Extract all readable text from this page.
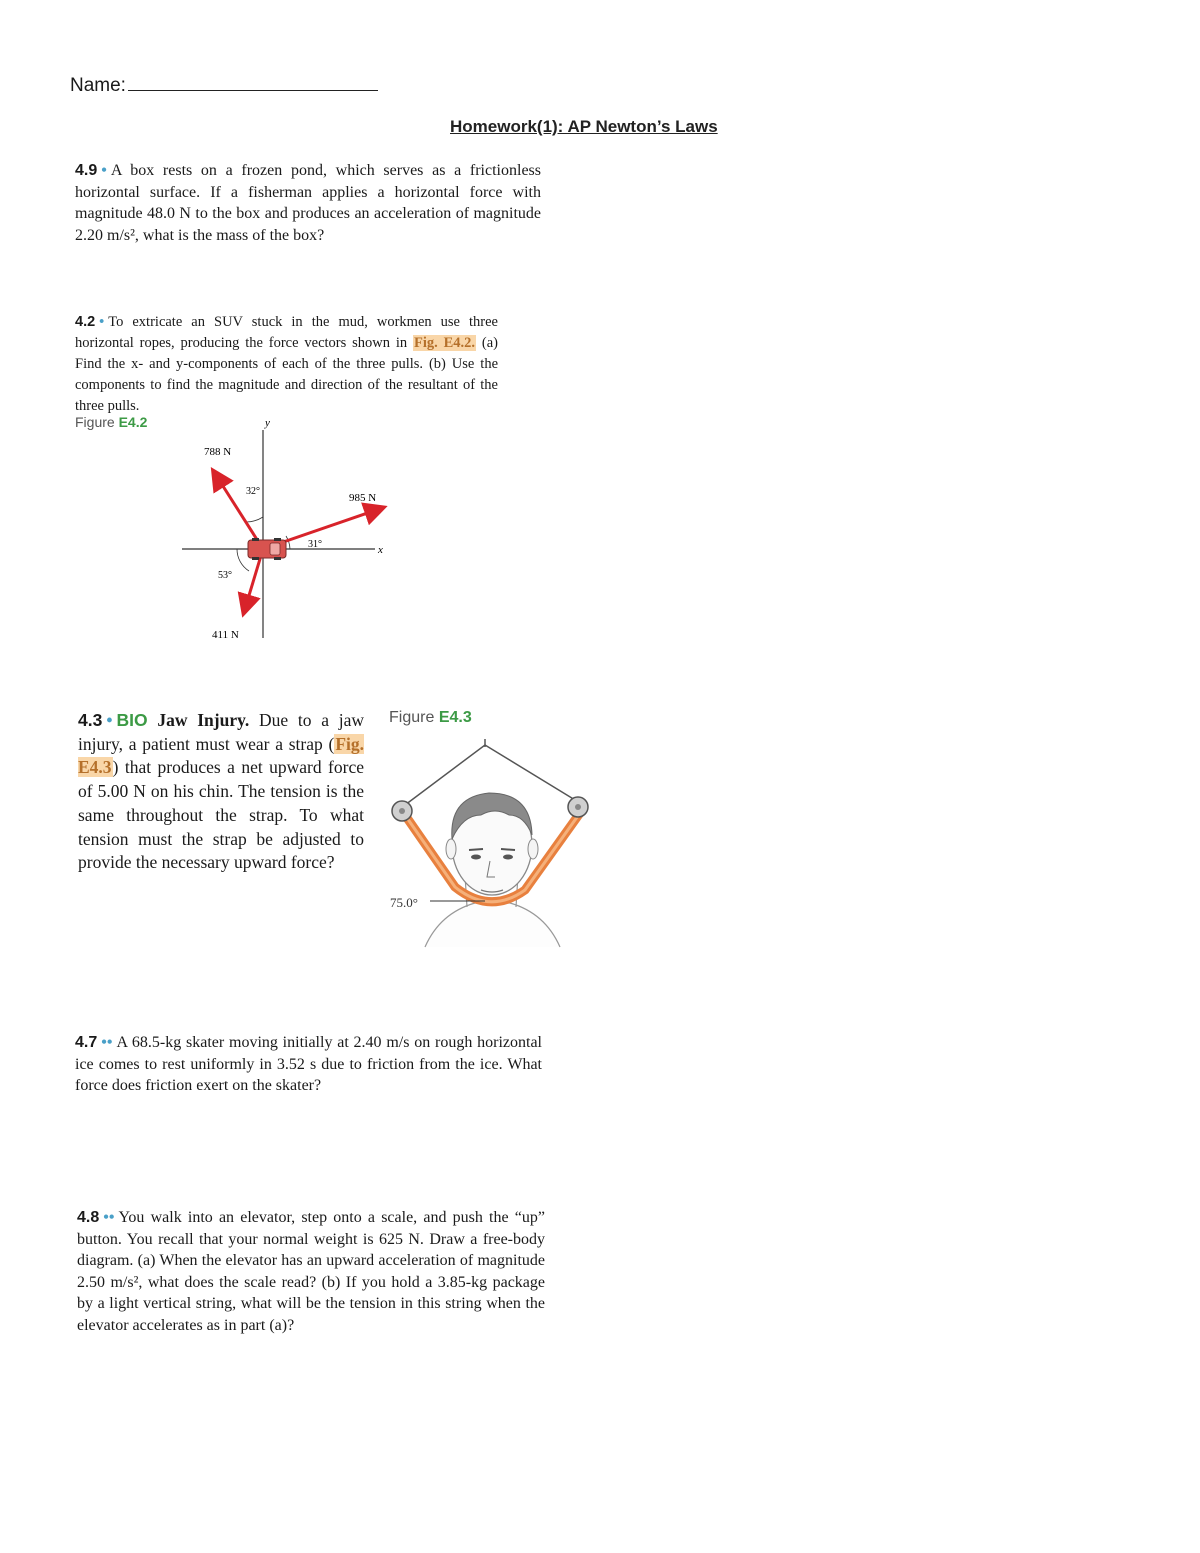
Name:
Homework(1): AP Newton’s Laws
4.9 • A box rests on a frozen pond, which serves as a frictionless horizontal surface. If a fisherman applies a horizontal force with magnitude 48.0 N to the box and produces an acceleration of magnitude 2.20 m/s², what is the mass of the box?
4.2 • To extricate an SUV stuck in the mud, workmen use three horizontal ropes, producing the force vectors shown in Fig. E4.2. (a) Find the x- and y-components of each of the three pulls. (b) Use the components to find the magnitude and direction of the resultant of the three pulls.
Figure E4.2	y
x
788 N
985 N
411 N
32°
31°
53°
4.3 • BIO Jaw Injury. Due to a jaw injury, a patient must wear a strap (Fig. E4.3) that produces a net upward force of 5.00 N on his chin. The tension is the same throughout the strap. To what tension must the strap be adjusted to provide the necessary upward force?
Figure E4.3
75.0°
4.7 •• A 68.5-kg skater moving initially at 2.40 m/s on rough horizontal ice comes to rest uniformly in 3.52 s due to friction from the ice. What force does friction exert on the skater?
4.8 •• You walk into an elevator, step onto a scale, and push the “up” button. You recall that your normal weight is 625 N. Draw a free-body diagram. (a) When the elevator has an upward acceleration of magnitude 2.50 m/s², what does the scale read? (b) If you hold a 3.85-kg package by a light vertical string, what will be the tension in this string when the elevator accelerates as in part (a)?
